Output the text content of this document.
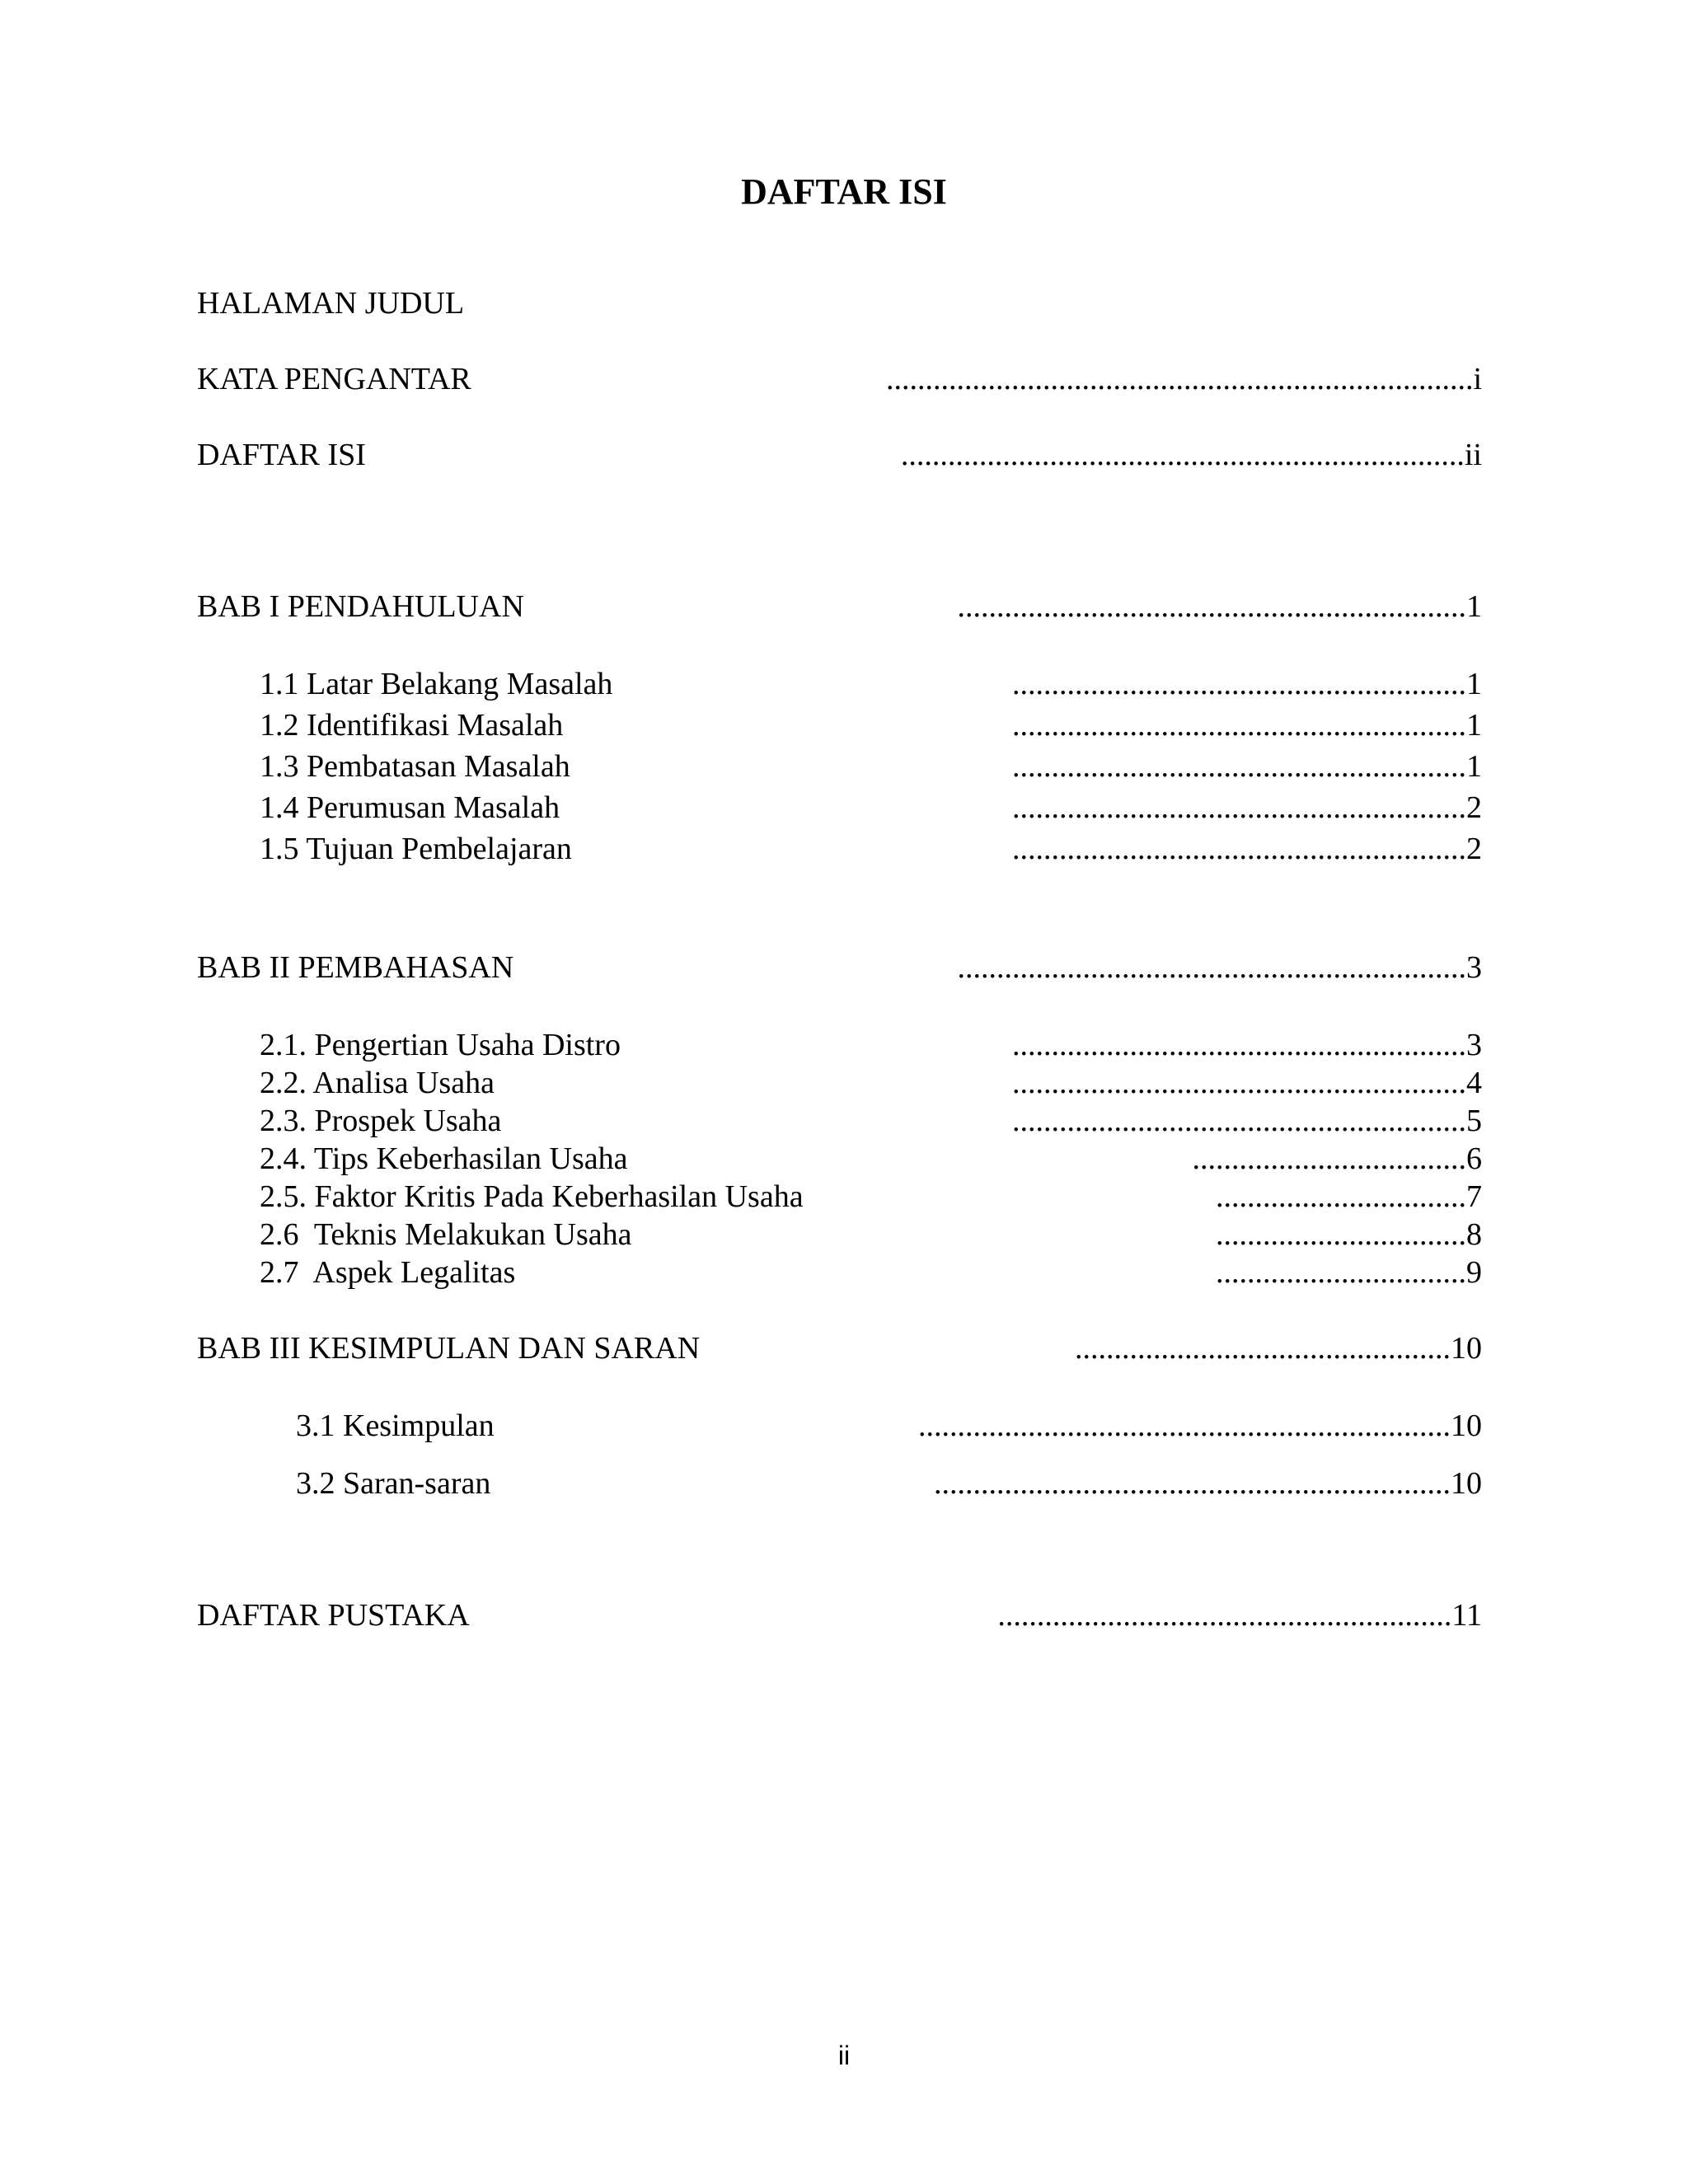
DAFTAR ISI
HALAMAN JUDUL
KATA PENGANTAR	...........................................................................i
DAFTAR ISI	........................................................................ii
BAB I PENDAHULUAN	.................................................................1
1.1 Latar Belakang Masalah	..........................................................1
1.2 Identifikasi Masalah	..........................................................1
1.3 Pembatasan Masalah	..........................................................1
1.4 Perumusan Masalah	..........................................................2
1.5 Tujuan Pembelajaran	..........................................................2
BAB II PEMBAHASAN	.................................................................3
2.1. Pengertian Usaha Distro	..........................................................3
2.2. Analisa Usaha	..........................................................4
2.3. Prospek Usaha	..........................................................5
2.4. Tips Keberhasilan Usaha	...................................6
2.5. Faktor Kritis Pada Keberhasilan Usaha	................................7
2.6  Teknis Melakukan Usaha	................................8
2.7  Aspek Legalitas	................................9
BAB III KESIMPULAN DAN SARAN	................................................10
3.1 Kesimpulan	....................................................................10
3.2 Saran-saran	..................................................................10
DAFTAR PUSTAKA	..........................................................11
ii
